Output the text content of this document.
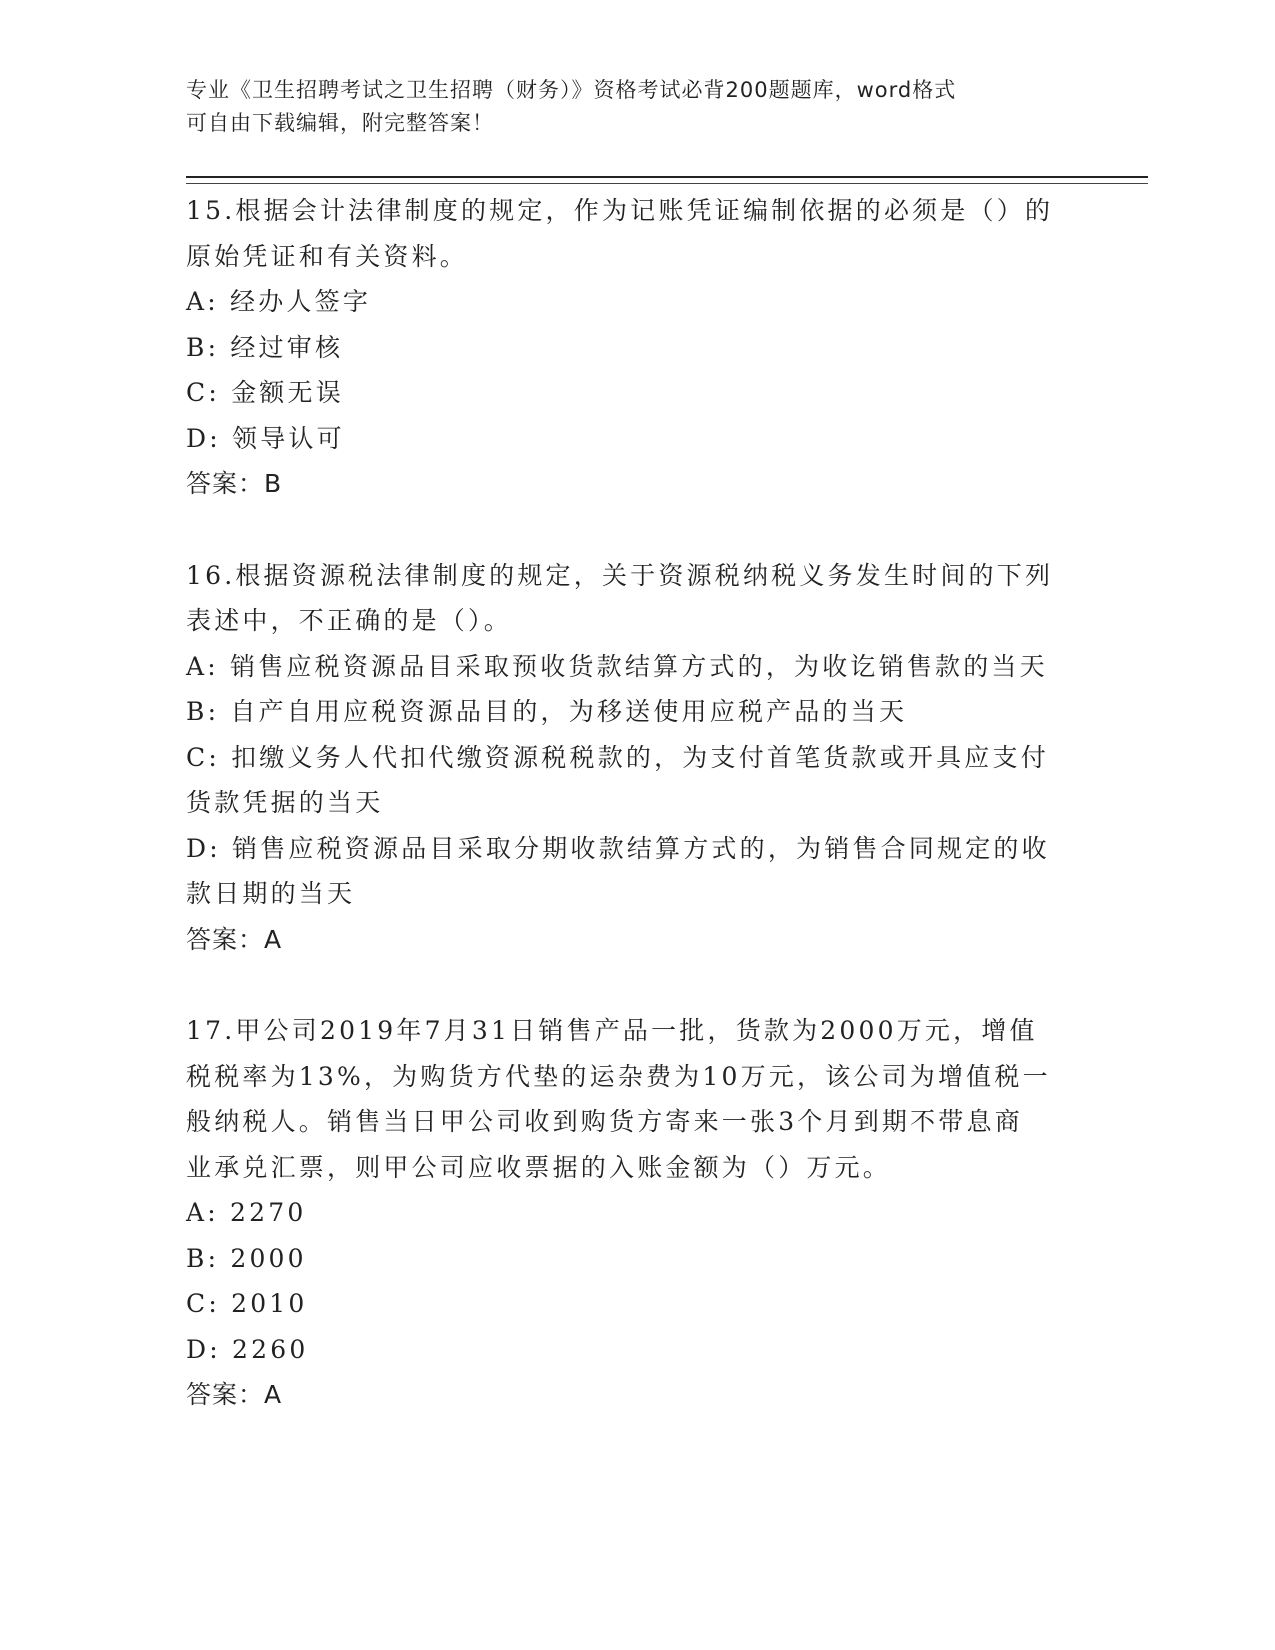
专业《卫生招聘考试之卫生招聘（财务）》资格考试必背200题题库，word格式
可自由下载编辑，附完整答案！
15.根据会计法律制度的规定，作为记账凭证编制依据的必须是（）的
原始凭证和有关资料。
A: 经办人签字
B: 经过审核
C: 金额无误
D: 领导认可
答案：B
16.根据资源税法律制度的规定，关于资源税纳税义务发生时间的下列
表述中，不正确的是（）。
A: 销售应税资源品目采取预收货款结算方式的，为收讫销售款的当天
B: 自产自用应税资源品目的，为移送使用应税产品的当天
C: 扣缴义务人代扣代缴资源税税款的，为支付首笔货款或开具应支付
货款凭据的当天
D: 销售应税资源品目采取分期收款结算方式的，为销售合同规定的收
款日期的当天
答案：A
17.甲公司2019年7月31日销售产品一批，货款为2000万元，增值
税税率为13%，为购货方代垫的运杂费为10万元，该公司为增值税一
般纳税人。销售当日甲公司收到购货方寄来一张3个月到期不带息商
业承兑汇票，则甲公司应收票据的入账金额为（）万元。
A: 2270
B: 2000
C: 2010
D: 2260
答案：A
